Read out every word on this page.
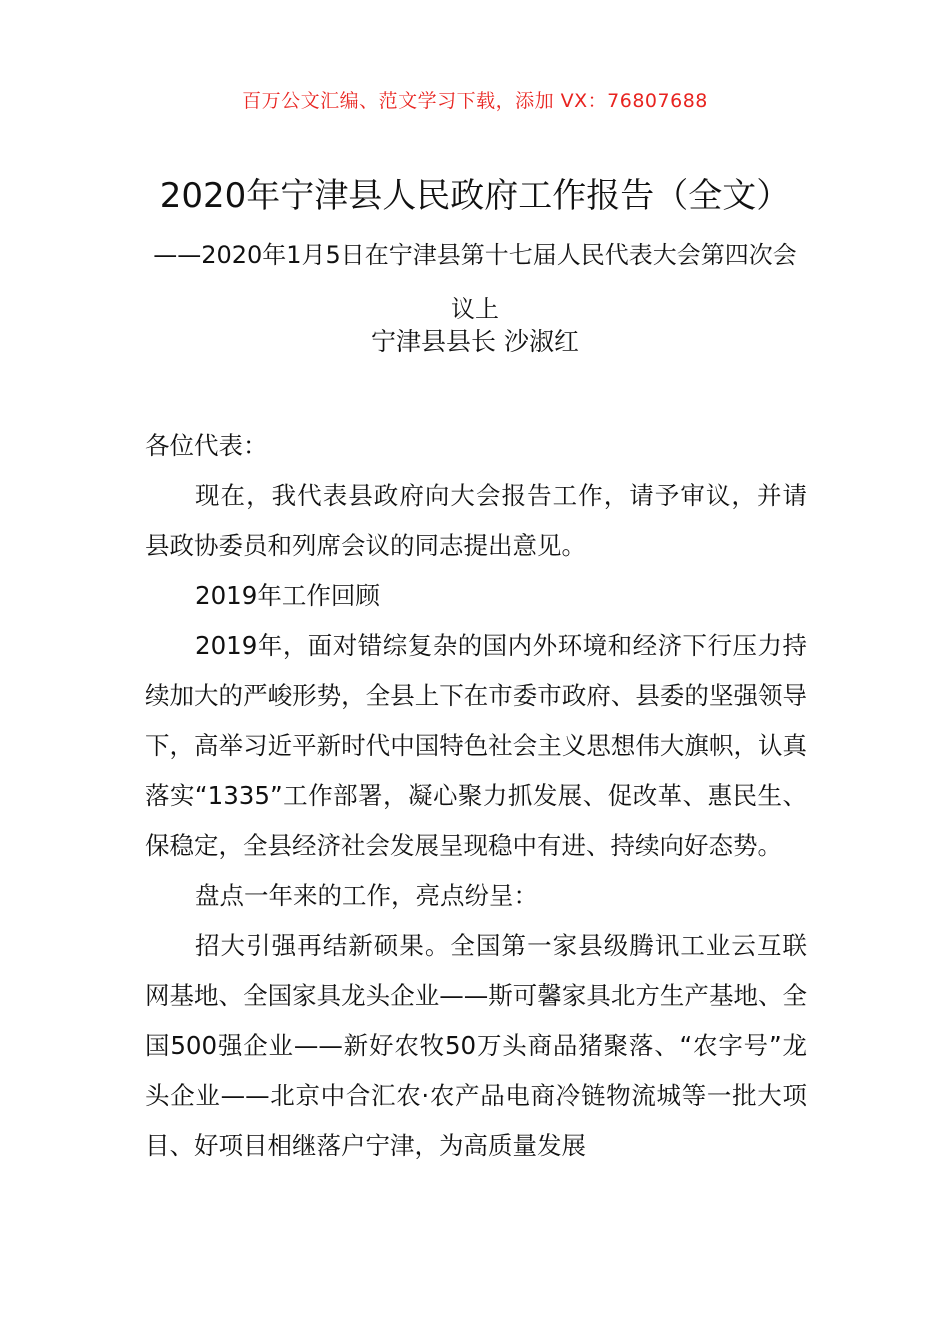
百万公文汇编、范文学习下载，添加 VX：76807688
2020年宁津县人民政府工作报告（全文）
——2020年1月5日在宁津县第十七届人民代表大会第四次会议上
宁津县县长 沙淑红

各位代表：

现在，我代表县政府向大会报告工作，请予审议，并请县政协委员和列席会议的同志提出意见。

2019年工作回顾

2019年，面对错综复杂的国内外环境和经济下行压力持续加大的严峻形势，全县上下在市委市政府、县委的坚强领导下，高举习近平新时代中国特色社会主义思想伟大旗帜，认真落实“1335”工作部署，凝心聚力抓发展、促改革、惠民生、保稳定，全县经济社会发展呈现稳中有进、持续向好态势。

盘点一年来的工作，亮点纷呈：

招大引强再结新硕果。全国第一家县级腾讯工业云互联网基地、全国家具龙头企业——斯可馨家具北方生产基地、全国500强企业——新好农牧50万头商品猪聚落、“农字号”龙头企业——北京中合汇农·农产品电商冷链物流城等一批大项目、好项目相继落户宁津，为高质量发展
